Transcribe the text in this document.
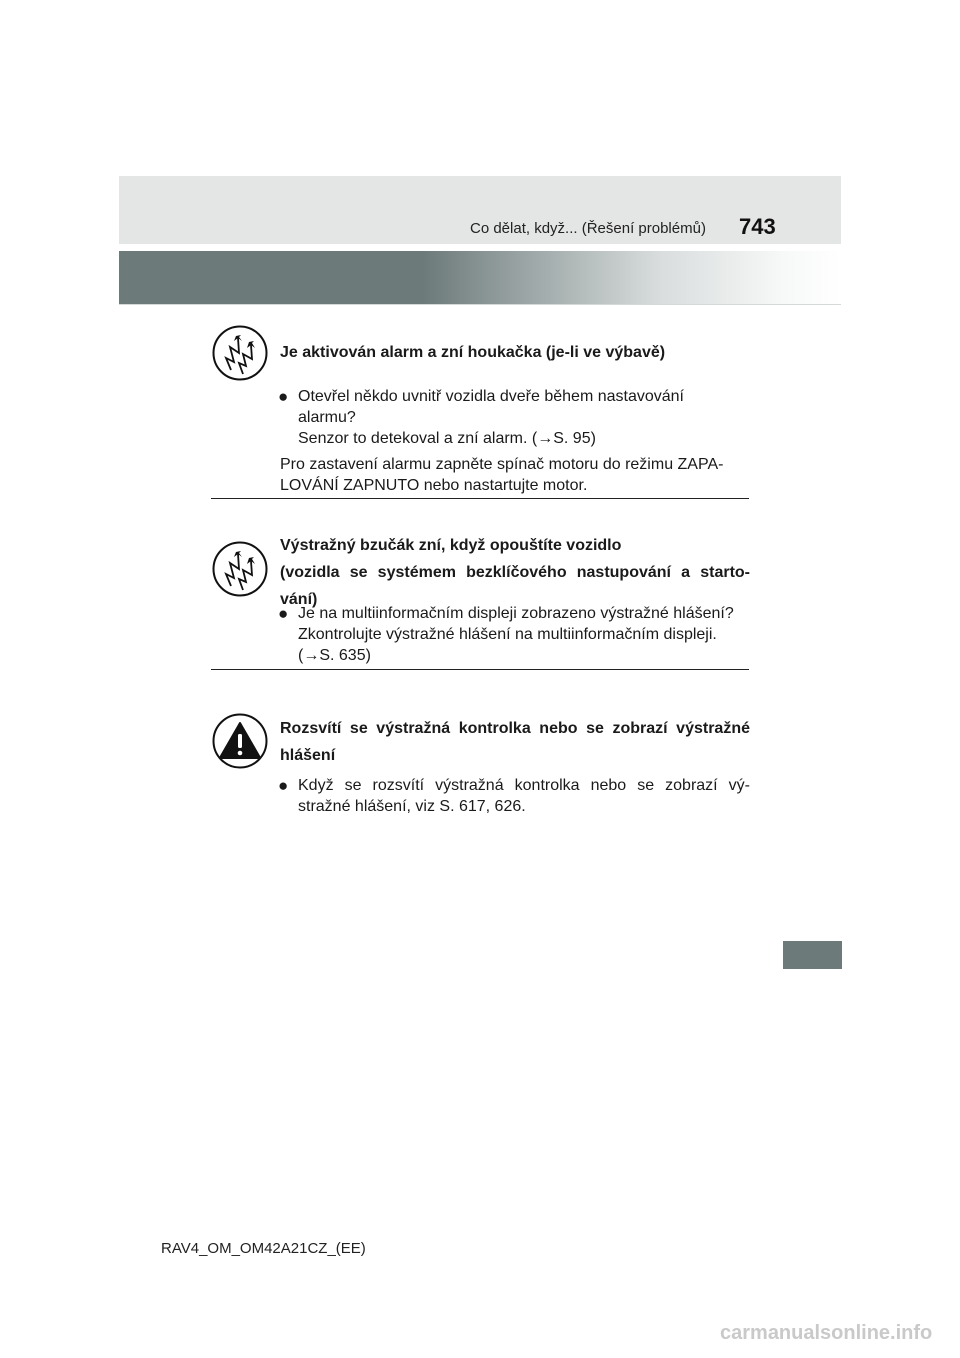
Co dělat, když... (Řešení problémů) 743
Je aktivován alarm a zní houkačka (je-li ve výbavě)
● Otevřel někdo uvnitř vozidla dveře během nastavování
alarmu?
Senzor to detekoval a zní alarm. (→S. 95)
Pro zastavení alarmu zapněte spínač motoru do režimu ZAPA-
LOVÁNÍ ZAPNUTO nebo nastartujte motor.
Výstražný bzučák zní, když opouštíte vozidlo
(vozidla se systémem bezklíčového nastupování a starto-
vání)
● Je na multiinformačním displeji zobrazeno výstražné hlášení?
Zkontrolujte výstražné hlášení na multiinformačním displeji.
(→S. 635)
Rozsvítí se výstražná kontrolka nebo se zobrazí výstražné
hlášení
● Když se rozsvítí výstražná kontrolka nebo se zobrazí vý-
stražné hlášení, viz S. 617, 626.
RAV4_OM_OM42A21CZ_(EE)
carmanualsonline.info
